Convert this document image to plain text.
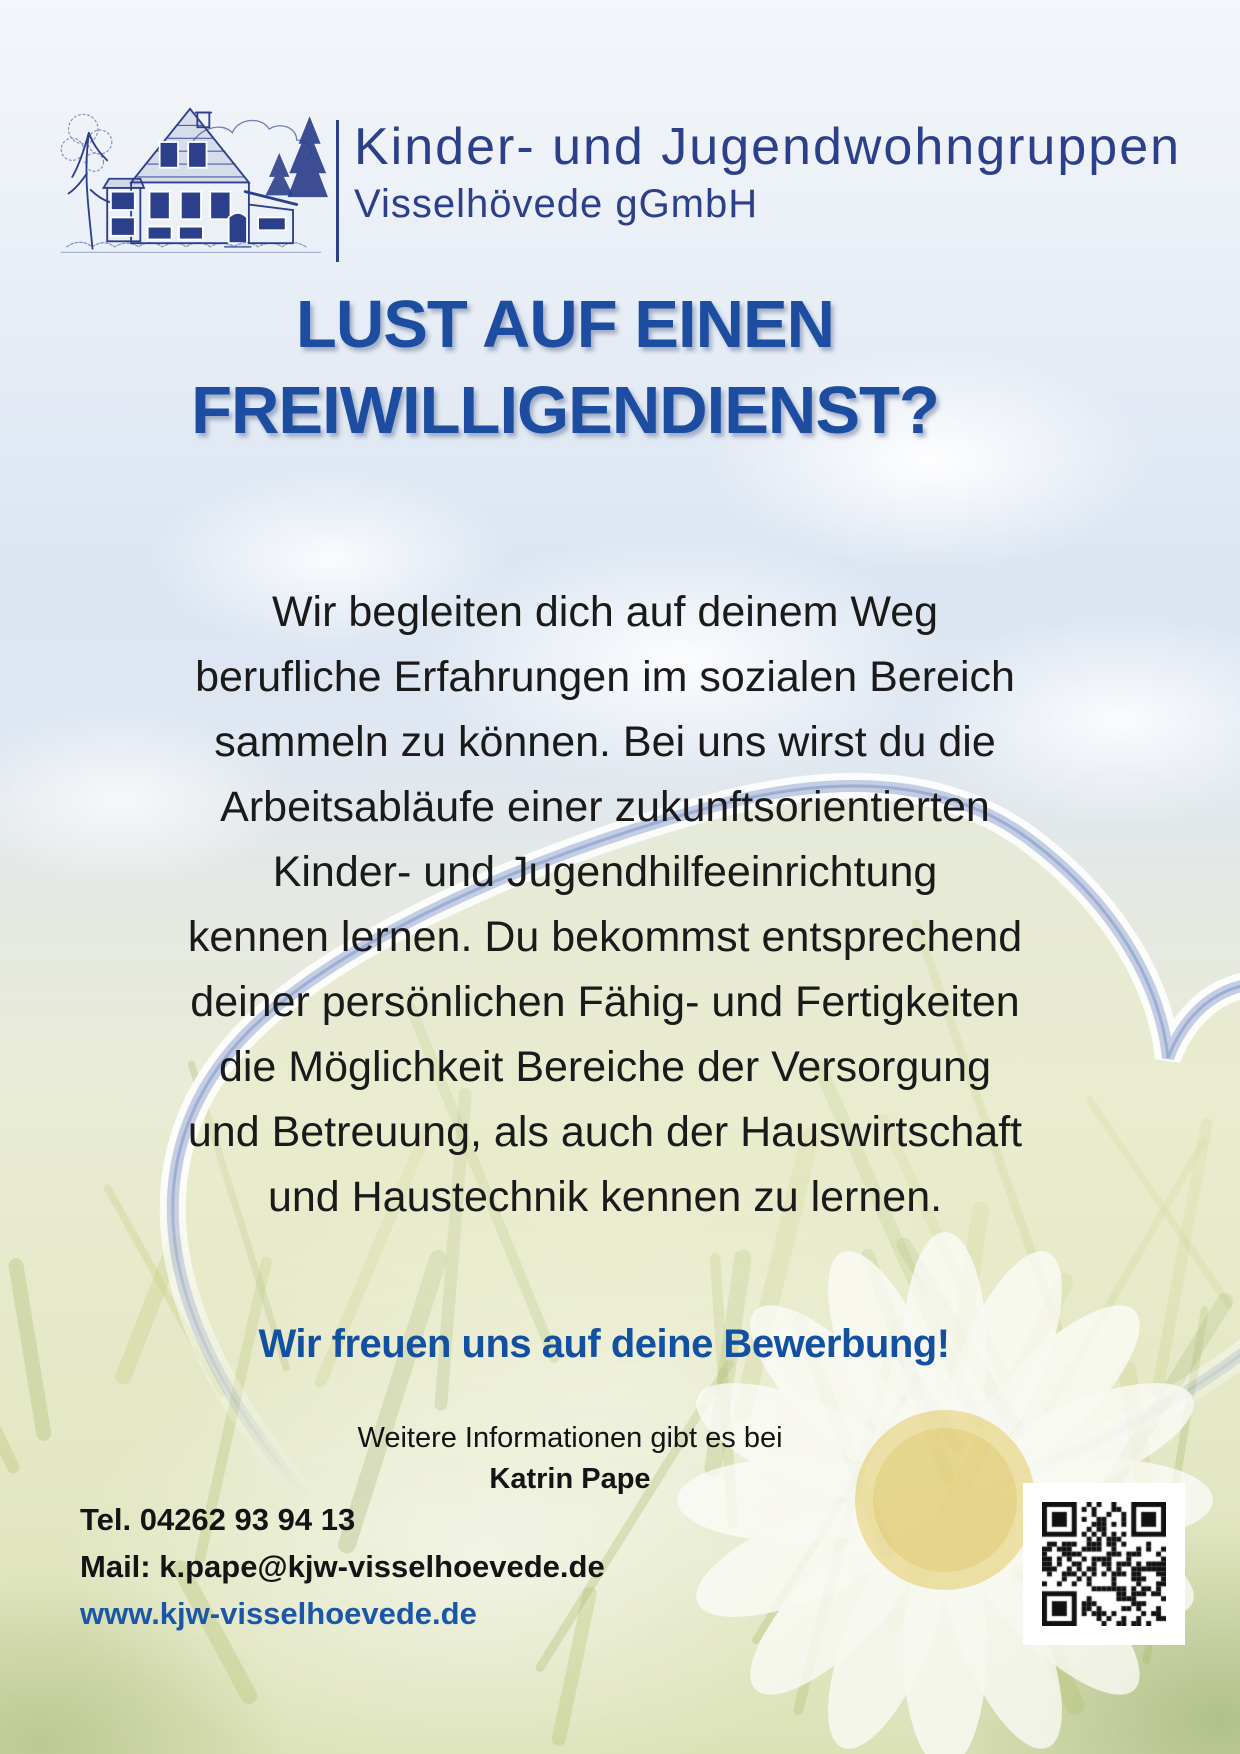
Kinder- und Jugendwohngruppen
Visselhövede gGmbH
LUST AUF EINEN
FREIWILLIGENDIENST?
Wir begleiten dich auf deinem Weg
berufliche Erfahrungen im sozialen Bereich
sammeln zu können. Bei uns wirst du die
Arbeitsabläufe einer zukunftsorientierten
Kinder- und Jugendhilfeeinrichtung
kennen lernen. Du bekommst entsprechend
deiner persönlichen Fähig- und Fertigkeiten
die Möglichkeit Bereiche der Versorgung
und Betreuung, als auch der Hauswirtschaft
und Haustechnik kennen zu lernen.
Wir freuen uns auf deine Bewerbung!
Weitere Informationen gibt es bei
Katrin Pape
Tel. 04262 93 94 13
Mail: k.pape@kjw-visselhoevede.de
www.kjw-visselhoevede.de
